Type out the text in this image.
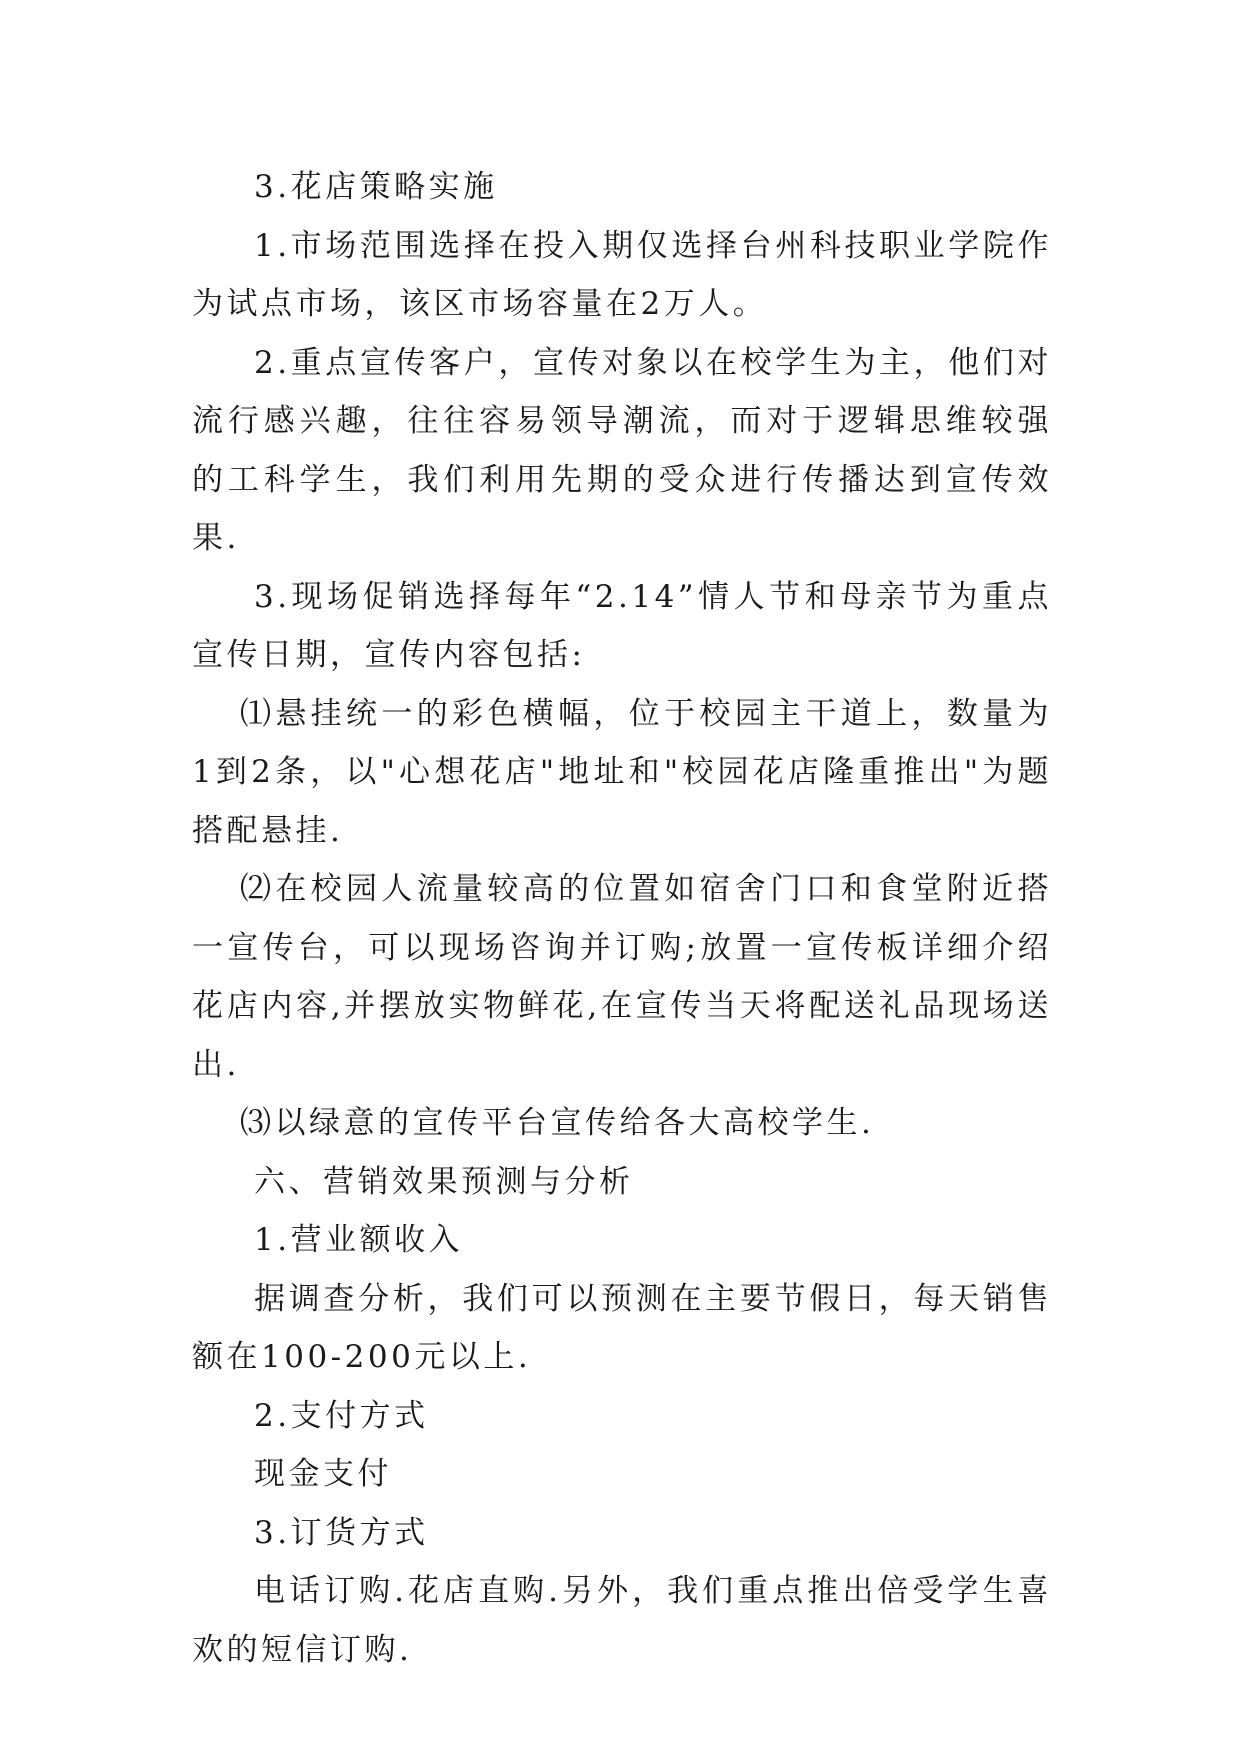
3.花店策略实施

1.市场范围选择在投入期仅选择台州科技职业学院作为试点市场，该区市场容量在2万人。

2.重点宣传客户，宣传对象以在校学生为主，他们对流行感兴趣，往往容易领导潮流，而对于逻辑思维较强的工科学生，我们利用先期的受众进行传播达到宣传效果.

3.现场促销选择每年“2.14”情人节和母亲节为重点宣传日期，宣传内容包括:

⑴悬挂统一的彩色横幅，位于校园主干道上，数量为1到2条，以"心想花店"地址和"校园花店隆重推出"为题搭配悬挂.

⑵在校园人流量较高的位置如宿舍门口和食堂附近搭一宣传台，可以现场咨询并订购;放置一宣传板详细介绍花店内容,并摆放实物鲜花,在宣传当天将配送礼品现场送出.

⑶以绿意的宣传平台宣传给各大高校学生.

六、营销效果预测与分析

1.营业额收入

据调查分析，我们可以预测在主要节假日，每天销售额在100-200元以上.

2.支付方式

现金支付

3.订货方式

电话订购.花店直购.另外，我们重点推出倍受学生喜欢的短信订购.
